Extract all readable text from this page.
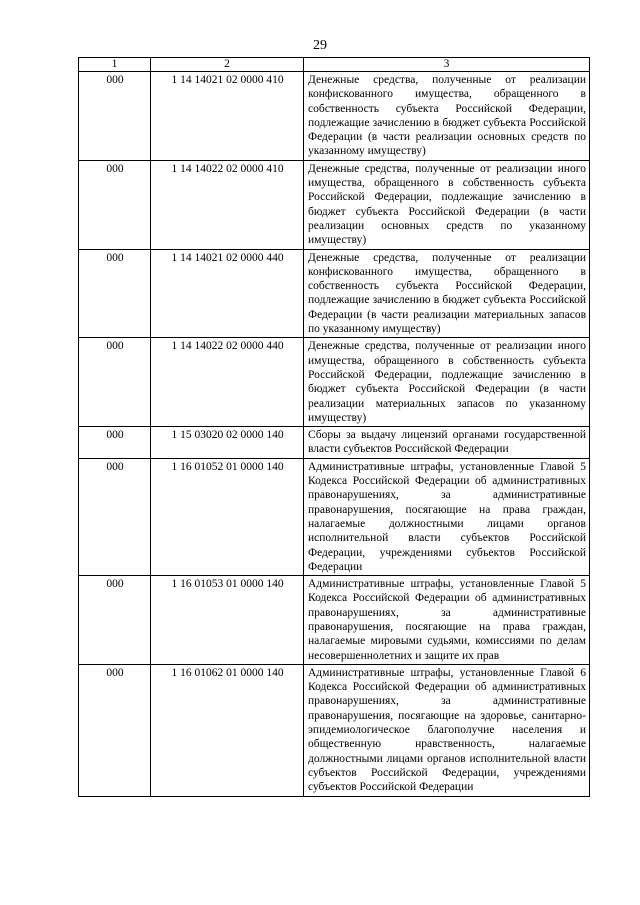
29
1	2	3
000	1 14 14021 02 0000 410	Денежные средства, полученные от реализации конфискованного имущества, обращенного в собственность субъекта Российской Федерации, подлежащие зачислению в бюджет субъекта Российской Федерации (в части реализации основных средств по указанному имуществу)
000	1 14 14022 02 0000 410	Денежные средства, полученные от реализации иного имущества, обращенного в собственность субъекта Российской Федерации, подлежащие зачислению в бюджет субъекта Российской Федерации (в части реализации основных средств по указанному имуществу)
000	1 14 14021 02 0000 440	Денежные средства, полученные от реализации конфискованного имущества, обращенного в собственность субъекта Российской Федерации, подлежащие зачислению в бюджет субъекта Российской Федерации (в части реализации материальных запасов по указанному имуществу)
000	1 14 14022 02 0000 440	Денежные средства, полученные от реализации иного имущества, обращенного в собственность субъекта Российской Федерации, подлежащие зачислению в бюджет субъекта Российской Федерации (в части реализации материальных запасов по указанному имуществу)
000	1 15 03020 02 0000 140	Сборы за выдачу лицензий органами государственной власти субъектов Российской Федерации
000	1 16 01052 01 0000 140	Административные штрафы, установленные Главой 5 Кодекса Российской Федерации об административных правонарушениях, за административные правонарушения, посягающие на права граждан, налагаемые должностными лицами органов исполнительной власти субъектов Российской Федерации, учреждениями субъектов Российской Федерации
000	1 16 01053 01 0000 140	Административные штрафы, установленные Главой 5 Кодекса Российской Федерации об административных правонарушениях, за административные правонарушения, посягающие на права граждан, налагаемые мировыми судьями, комиссиями по делам несовершеннолетних и защите их прав
000	1 16 01062 01 0000 140	Административные штрафы, установленные Главой 6 Кодекса Российской Федерации об административных правонарушениях, за административные правонарушения, посягающие на здоровье, санитарно-эпидемиологическое благополучие населения и общественную нравственность, налагаемые должностными лицами органов исполнительной власти субъектов Российской Федерации, учреждениями субъектов Российской Федерации
